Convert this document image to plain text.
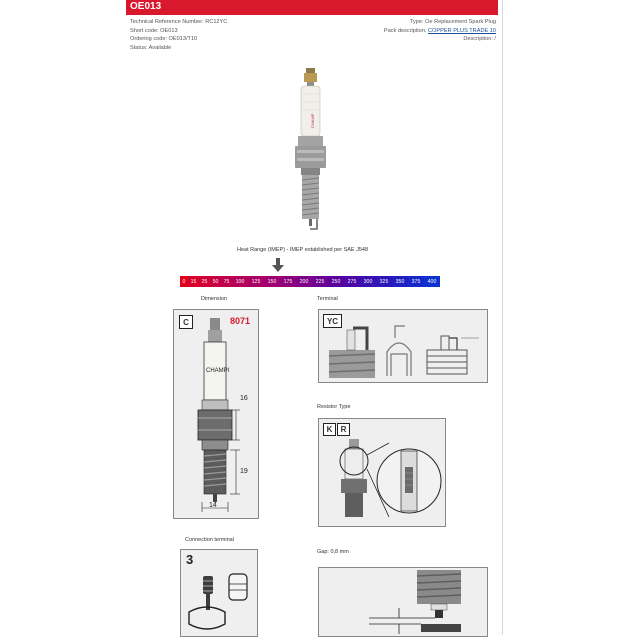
OE013
Technical Reference Number: RC12YC
Short code: OE013
Ordering code: OE013/T10
Status: Available
Type: Oe Replacement Spark Plug
Pack description: COPPER PLUS TRADE 10
Description: /
CHAMP
Heat Range (IMEP) - IMEP established per SAE J548
0 15	25	50	75	100	125	150	175	200	225	250	275	300	325	350	375	400
Dimension
C	8071
CHAMPI
16
19
14
Terminal
YC
Resistor Type
K	R
Connection terminal
3	Gap: 0,8 mm
